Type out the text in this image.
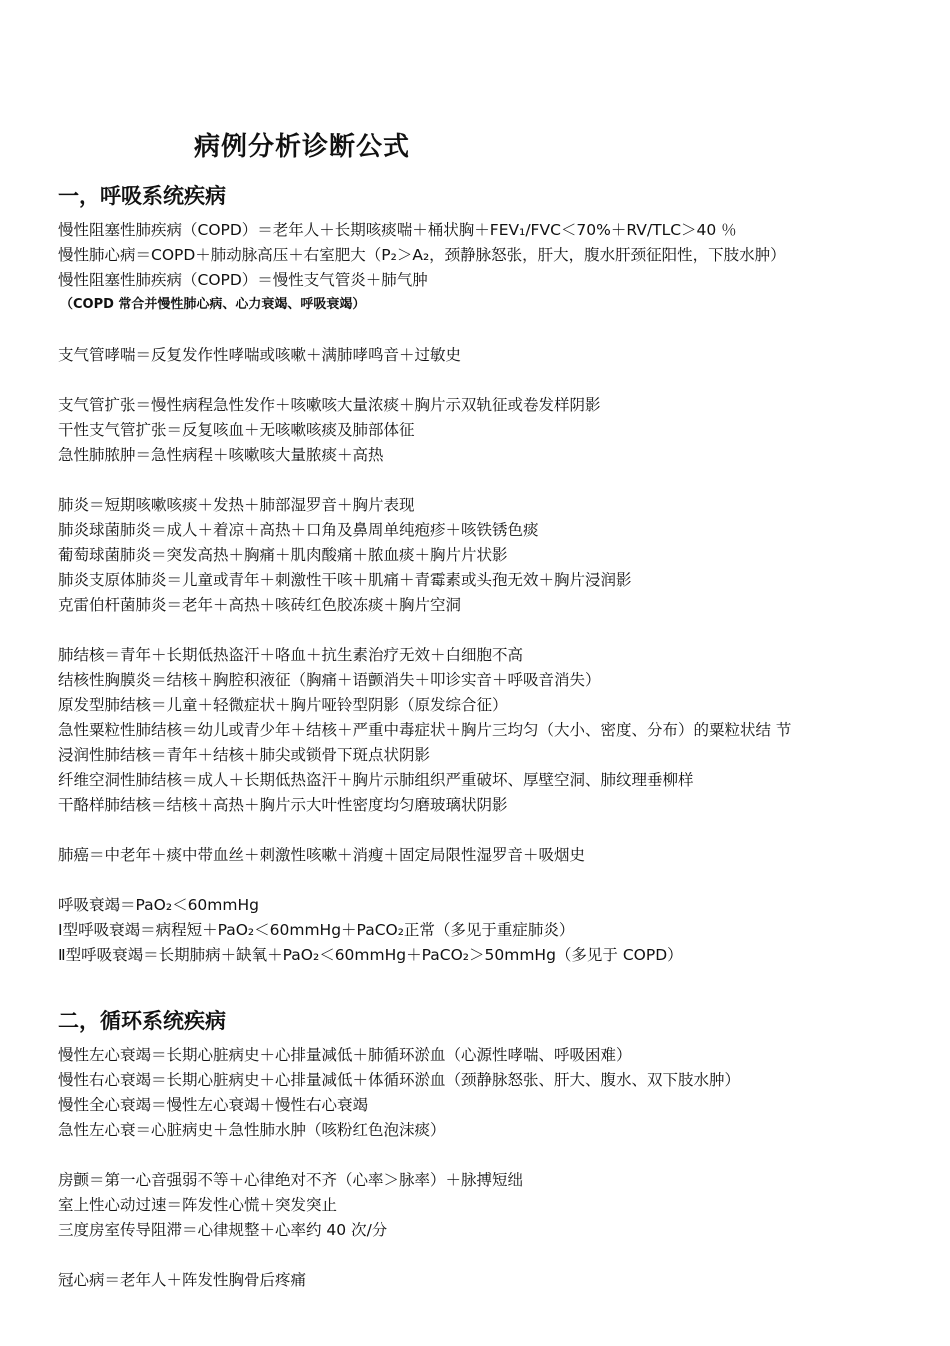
病例分析诊断公式
一，呼吸系统疾病

慢性阻塞性肺疾病（COPD）＝老年人＋长期咳痰喘＋桶状胸＋FEV₁/FVC＜70%＋RV/TLC＞40 ％

慢性肺心病＝COPD＋肺动脉高压＋右室肥大（P₂＞A₂，颈静脉怒张，肝大，腹水肝颈征阳性，下肢水肿）

慢性阻塞性肺疾病（COPD）＝慢性支气管炎＋肺气肿

（COPD 常合并慢性肺心病、心力衰竭、呼吸衰竭）

支气管哮喘＝反复发作性哮喘或咳嗽＋满肺哮鸣音＋过敏史

支气管扩张＝慢性病程急性发作＋咳嗽咳大量浓痰＋胸片示双轨征或卷发样阴影

干性支气管扩张＝反复咳血＋无咳嗽咳痰及肺部体征

急性肺脓肿＝急性病程＋咳嗽咳大量脓痰＋高热

肺炎＝短期咳嗽咳痰＋发热＋肺部湿罗音＋胸片表现

肺炎球菌肺炎＝成人＋着凉＋高热＋口角及鼻周单纯疱疹＋咳铁锈色痰

葡萄球菌肺炎＝突发高热＋胸痛＋肌肉酸痛＋脓血痰＋胸片片状影

肺炎支原体肺炎＝儿童或青年＋刺激性干咳＋肌痛＋青霉素或头孢无效＋胸片浸润影

克雷伯杆菌肺炎＝老年＋高热＋咳砖红色胶冻痰＋胸片空洞

肺结核＝青年＋长期低热盗汗＋咯血＋抗生素治疗无效＋白细胞不高

结核性胸膜炎＝结核＋胸腔积液征（胸痛＋语颤消失＋叩诊实音＋呼吸音消失）

原发型肺结核＝儿童＋轻微症状＋胸片哑铃型阴影（原发综合征）

急性粟粒性肺结核＝幼儿或青少年＋结核＋严重中毒症状＋胸片三均匀（大小、密度、分布）的粟粒状结 节

浸润性肺结核＝青年＋结核＋肺尖或锁骨下斑点状阴影

纤维空洞性肺结核＝成人＋长期低热盗汗＋胸片示肺组织严重破坏、厚壁空洞、肺纹理垂柳样

干酪样肺结核＝结核＋高热＋胸片示大叶性密度均匀磨玻璃状阴影

肺癌＝中老年＋痰中带血丝＋刺激性咳嗽＋消瘦＋固定局限性湿罗音＋吸烟史

呼吸衰竭＝PaO₂＜60mmHg

Ⅰ型呼吸衰竭＝病程短＋PaO₂＜60mmHg＋PaCO₂正常（多见于重症肺炎）

Ⅱ型呼吸衰竭＝长期肺病＋缺氧＋PaO₂＜60mmHg＋PaCO₂＞50mmHg（多见于 COPD）

二，循环系统疾病

慢性左心衰竭＝长期心脏病史＋心排量减低＋肺循环淤血（心源性哮喘、呼吸困难）

慢性右心衰竭＝长期心脏病史＋心排量减低＋体循环淤血（颈静脉怒张、肝大、腹水、双下肢水肿）

慢性全心衰竭＝慢性左心衰竭＋慢性右心衰竭

急性左心衰＝心脏病史＋急性肺水肿（咳粉红色泡沫痰）

房颤＝第一心音强弱不等＋心律绝对不齐（心率＞脉率）＋脉搏短绌

室上性心动过速＝阵发性心慌＋突发突止

三度房室传导阻滞＝心律规整＋心率约 40 次/分

冠心病＝老年人＋阵发性胸骨后疼痛
